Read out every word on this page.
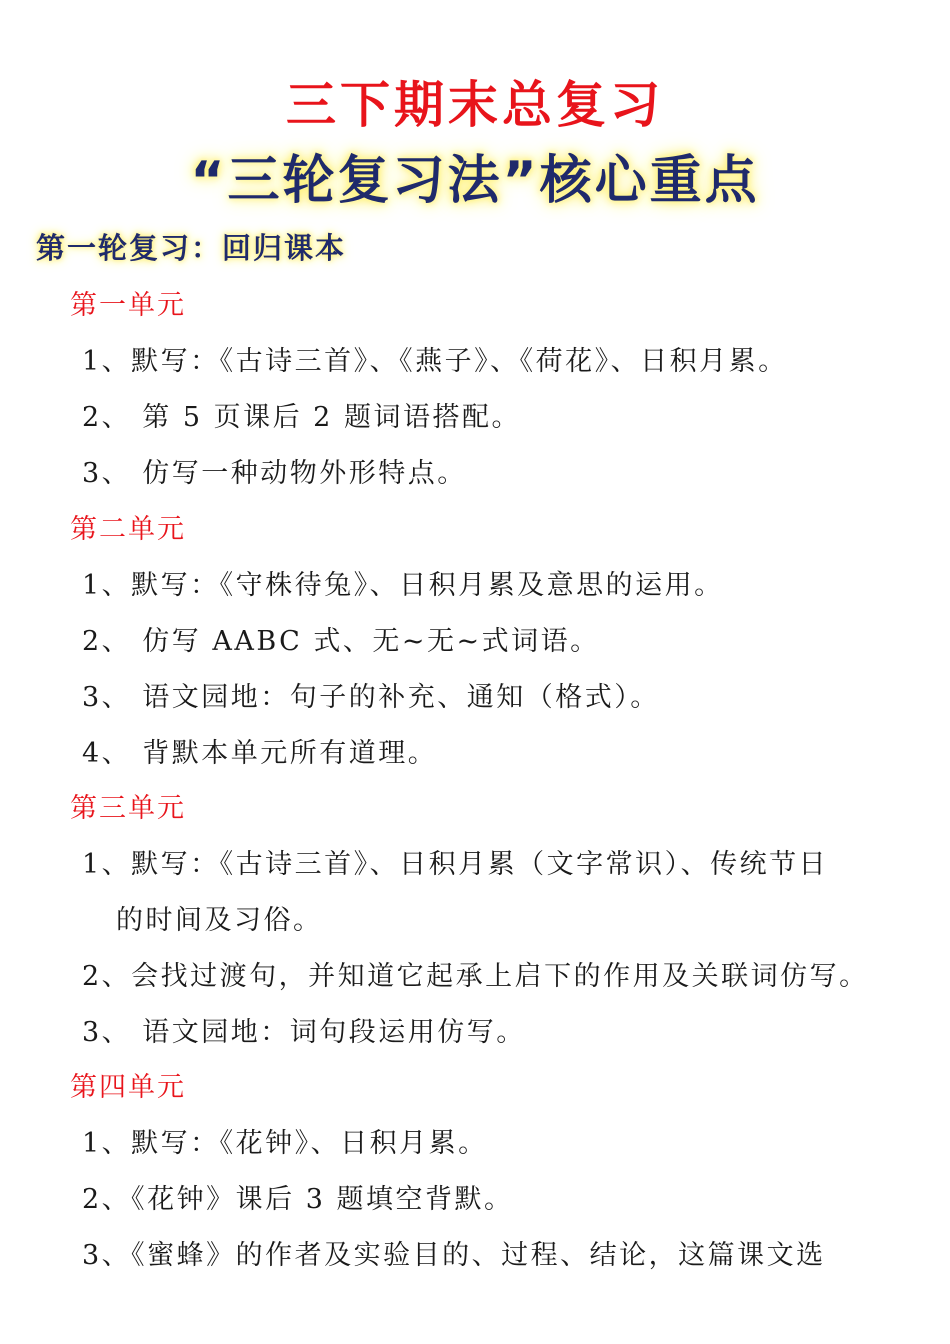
三下期末总复习
“三轮复习法”核心重点
第一轮复习：回归课本
第一单元
1、默写：《古诗三首》、《燕子》、《荷花》、日积月累。
2、 第 5 页课后 2 题词语搭配。
3、 仿写一种动物外形特点。
第二单元
1、默写：《守株待兔》、日积月累及意思的运用。
2、 仿写 AABC 式、无~无~式词语。
3、 语文园地：句子的补充、通知（格式）。
4、 背默本单元所有道理。
第三单元
1、默写：《古诗三首》、日积月累（文字常识）、传统节日
的时间及习俗。
2、会找过渡句，并知道它起承上启下的作用及关联词仿写。
3、 语文园地：词句段运用仿写。
第四单元
1、默写：《花钟》、日积月累。
2、《花钟》课后 3 题填空背默。
3、《蜜蜂》的作者及实验目的、过程、结论，这篇课文选
